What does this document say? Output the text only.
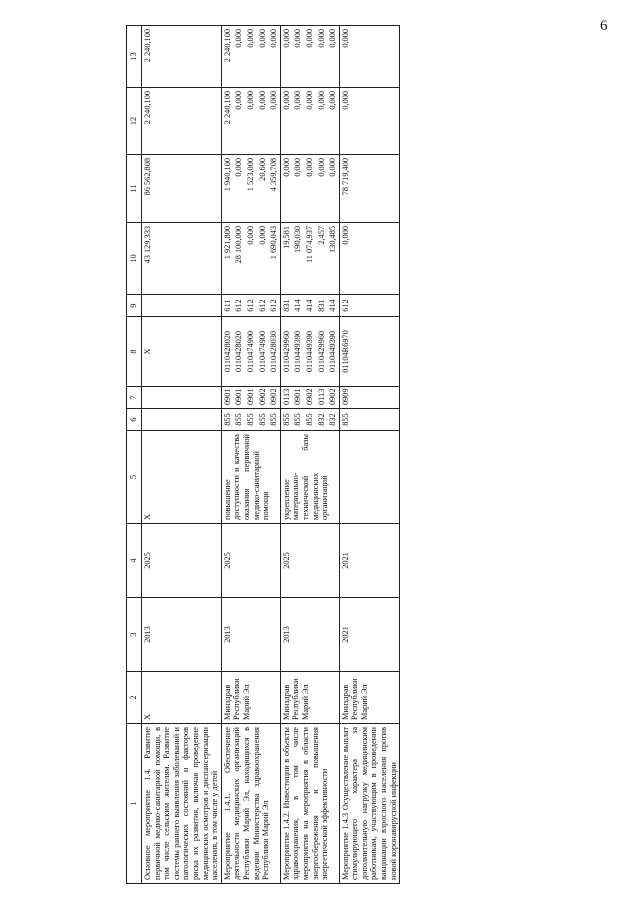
6
1	2	3	4	5	6	7	8	9	10	11	12	13
Основное мероприятие 1.4. Развитие первичной медико-санитарной помощи, в том числе сельским жителям. Развитие системы раннего выявления заболеваний и патологических состояний и факторов риска их развития, включая проведение медицинских осмотров и диспансеризации населения, в том числе у детей	X	2013	2025	X			X		43 129,333	86 562,808	2 240,100	2 240,100
Мероприятие 1.4.1. Обеспечение деятельности медицинских организаций Республики Марий Эл, находящихся в ведении Министерства здравоохранения Республики Марий Эл	Минздрав Республики Марий Эл	2013	2025	повышение доступности и качества оказания первичной медико-санитарной помощи	855	0901	0110428020	611	1 921,800	1 940,100	2 240,100	2 240,100
					855	0901	0110428020	612	28 100,000	0,000	0,000	0,000
					855	0901	0110474900	612	0,000	1 523,000	0,000	0,000
					855	0902	0110474900	612	0,000	20,600	0,000	0,000
					855	0902	0110428030	612	1 690,043	4 359,708	0,000	0,000
Мероприятие 1.4.2. Инвестиции в объекты здравоохранения, в том числе мероприятия на мероприятия в области энергосбережения и повышения энергетической эффективности	Минздрав Республики Марий Эл	2013	2025	укрепление материально-технической базы медицинских организаций	855	0113	0110429960	831	19,581	0,000	0,000	0,000
					855	0901	0110449390	414	190,030	0,000	0,000	0,000
					855	0902	0110449390	414	11 074,937	0,000	0,000	0,000
					832	0113	0110429960	831	2,457	0,000	0,000	0,000
					832	0902	0110449390	414	130,485	0,000	0,000	0,000
Мероприятие 1.4.3 Осуществление выплат стимулирующего характера за дополнительную нагрузку медицинским работникам, участвующим в проведении вакцинации взрослого населения против новой коронавирусной инфекции	Минздрав Республики Марий Эл	2021	2021		855	0909	01104R6970	612	0,000	78 719,400	0,000	0,000
